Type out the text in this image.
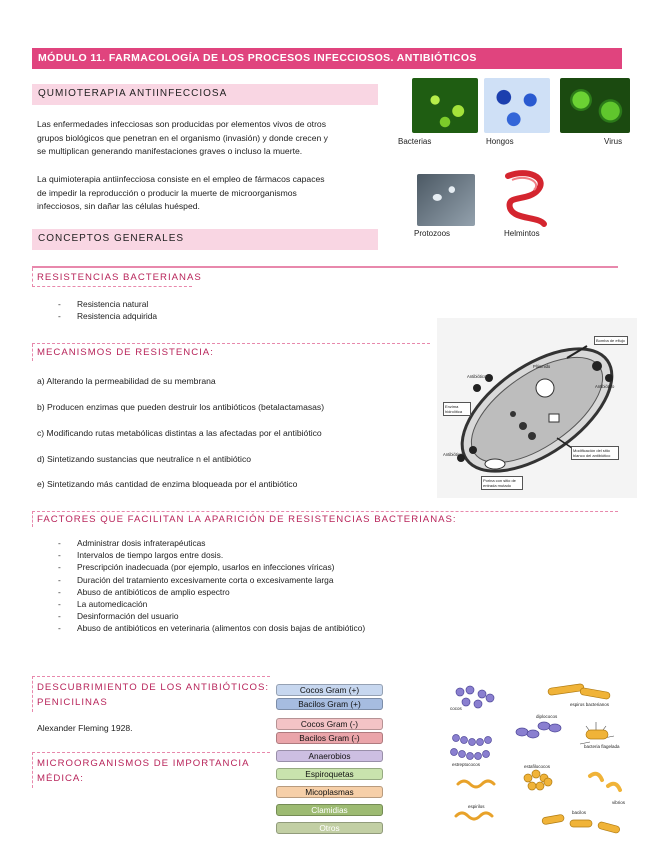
MÓDULO 11. FARMACOLOGÍA DE LOS PROCESOS INFECCIOSOS. ANTIBIÓTICOS
QUMIOTERAPIA ANTIINFECCIOSA
Las enfermedades infecciosas son producidas por elementos vivos de otros
grupos biológicos que penetran en el organismo (invasión) y donde crecen y
se multiplican generando manifestaciones graves o incluso la muerte.
La quimioterapia antiinfecciosa consiste en el empleo de fármacos capaces
de impedir la reproducción o producir la muerte de microorganismos
infecciosos, sin dañar las células huésped.
Bacterias	Hongos	Virus
Protozoos	Helmintos
CONCEPTOS GENERALES
RESISTENCIAS BACTERIANAS
- Resistencia natural
- Resistencia adquirida
MECANISMOS DE RESISTENCIA:
a) Alterando la permeabilidad de su membrana
b) Producen enzimas que pueden destruir los antibióticos (betalactamasas)
c) Modificando rutas metabólicas distintas a las afectadas por el antibiótico
d) Sintetizando sustancias que neutralice n el antibiótico
e) Sintetizando más cantidad de enzima bloqueada por el antibiótico
Antibiótico
Antibiótico
Antibiótico
Bomba de eflujo
Plásmido
Enzima hidrolítica
Modificación del sitio blanco del antibiótico
Porina con sitio de entrada mutado
FACTORES QUE FACILITAN LA APARICIÓN DE RESISTENCIAS BACTERIANAS:
- Administrar dosis infraterapéuticas
- Intervalos de tiempo largos entre dosis.
- Prescripción inadecuada (por ejemplo, usarlos en infecciones víricas)
- Duración del tratamiento excesivamente corta o excesivamente larga
- Abuso de antibióticos de amplio espectro
- La automedicación
- Desinformación del usuario
- Abuso de antibióticos en veterinaria (alimentos con dosis bajas de antibiótico)
DESCUBRIMIENTO DE LOS ANTIBIÓTICOS:
PENICILINAS
Alexander Fleming 1928.
MICROORGANISMOS DE IMPORTANCIA
MÉDICA:
Cocos Gram (+)
Bacilos Gram (+)
Cocos Gram (-)
Bacilos Gram (-)
Anaerobios
Espiroquetas
Micoplasmas
Clamidias
Otros
cocos
espiros bacterianos
diplococos
bacteria flagelada
estreptococos	estafilococos
vibrios
espirilos
bacilos
